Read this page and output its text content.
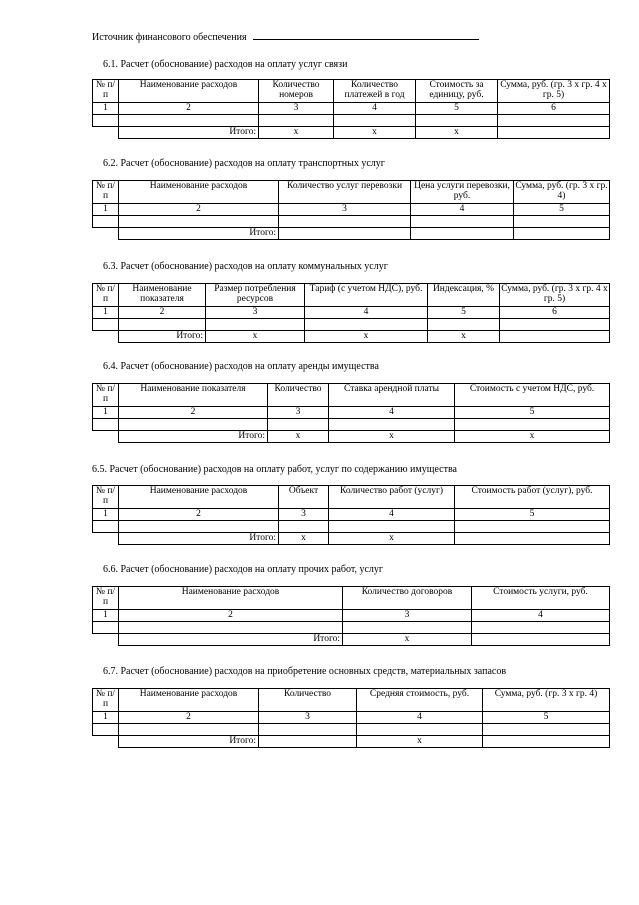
Источник финансового обеспечения
6.1. Расчет (обоснование) расходов на оплату услуг связи
№ п/п	Наименование расходов	Количество номеров	Количество платежей в год	Стоимость за единицу, руб.	Сумма, руб. (гр. 3 х гр. 4 х гр. 5)
1	2	3	4	5	6

	Итого:	x	x	x	
6.2. Расчет (обоснование) расходов на оплату транспортных услуг
№ п/п	Наименование расходов	Количество услуг перевозки	Цена услуги перевозки, руб.	Сумма, руб. (гр. 3 х гр. 4)
1	2	3	4	5

	Итого:			
6.3. Расчет (обоснование) расходов на оплату коммунальных услуг
№ п/п	Наименование показателя	Размер потребления ресурсов	Тариф (с учетом НДС), руб.	Индексация, %	Сумма, руб. (гр. 3 х гр. 4 х гр. 5)
1	2	3	4	5	6

	Итого:	x	x	x	
6.4. Расчет (обоснование) расходов на оплату аренды имущества
№ п/п	Наименование показателя	Количество	Ставка арендной платы	Стоимость с учетом НДС, руб.
1	2	3	4	5

	Итого:	x	x	x
6.5. Расчет (обоснование) расходов на оплату работ, услуг по содержанию имущества
№ п/п	Наименование расходов	Объект	Количество работ (услуг)	Стоимость работ (услуг), руб.
1	2	3	4	5

	Итого:	x	x	
6.6. Расчет (обоснование) расходов на оплату прочих работ, услуг
№ п/п	Наименование расходов	Количество договоров	Стоимость услуги, руб.
1	2	3	4

	Итого:	x	
6.7. Расчет (обоснование) расходов на приобретение основных средств, материальных запасов
№ п/п	Наименование расходов	Количество	Средняя стоимость, руб.	Сумма, руб. (гр. 3 х гр. 4)
1	2	3	4	5

	Итого:		x	
